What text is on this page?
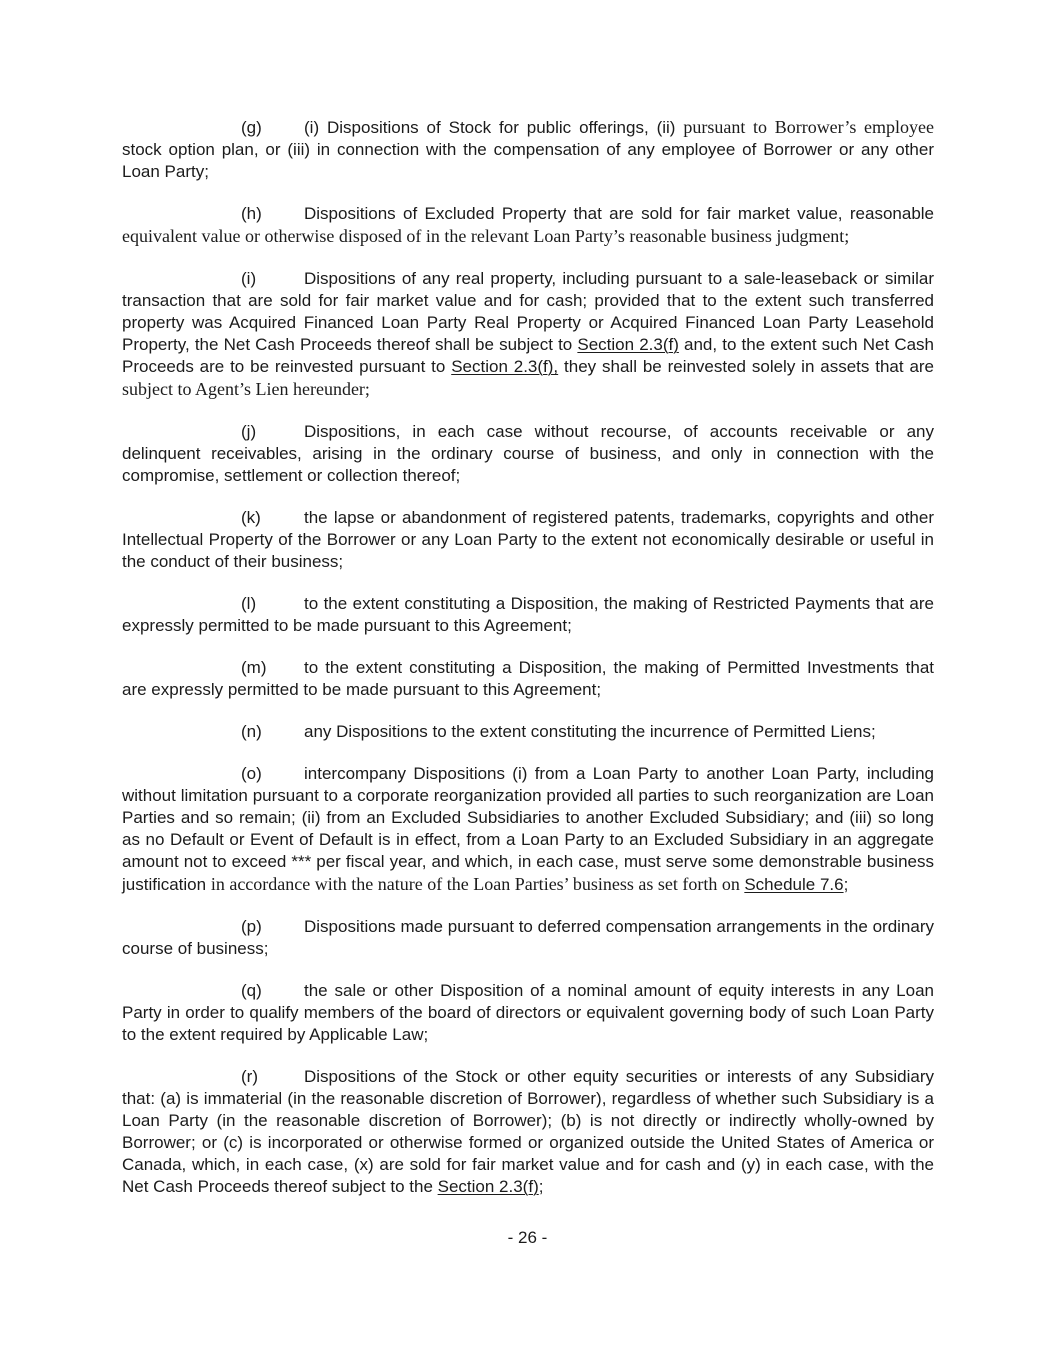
(g) (i) Dispositions of Stock for public offerings, (ii) pursuant to Borrower’s employee stock option plan, or (iii) in connection with the compensation of any employee of Borrower or any other Loan Party;

(h) Dispositions of Excluded Property that are sold for fair market value, reasonable equivalent value or otherwise disposed of in the relevant Loan Party’s reasonable business judgment;

(i)	Dispositions of any real property, including pursuant to a sale-leaseback or similar transaction that are sold for fair market value and for cash; provided that to the extent such transferred property was Acquired Financed Loan Party Real Property or Acquired Financed Loan Party Leasehold Property, the Net Cash Proceeds thereof shall be subject to Section 2.3(f) and, to the extent such Net Cash Proceeds are to be reinvested pursuant to Section 2.3(f), they shall be reinvested solely in assets that are subject to Agent’s Lien hereunder;

(j)	Dispositions, in each case without recourse, of accounts receivable or any delinquent receivables, arising in the ordinary course of business, and only in connection with the compromise, settlement or collection thereof;

(k)	the lapse or abandonment of registered patents, trademarks, copyrights and other Intellectual Property of the Borrower or any Loan Party to the extent not economically desirable or useful in the conduct of their business;

(l)	to the extent constituting a Disposition, the making of Restricted Payments that are expressly permitted to be made pursuant to this Agreement;

(m) to the extent constituting a Disposition, the making of Permitted Investments that are expressly permitted to be made pursuant to this Agreement;

(n) any Dispositions to the extent constituting the incurrence of Permitted Liens;

(o) intercompany Dispositions (i) from a Loan Party to another Loan Party, including without limitation pursuant to a corporate reorganization provided all parties to such reorganization are Loan Parties and so remain; (ii) from an Excluded Subsidiaries to another Excluded Subsidiary; and (iii) so long as no Default or Event of Default is in effect, from a Loan Party to an Excluded Subsidiary in an aggregate amount not to exceed *** per fiscal year, and which, in each case, must serve some demonstrable business justification in accordance with the nature of the Loan Parties’ business as set forth on Schedule 7.6;

(p) Dispositions made pursuant to deferred compensation arrangements in the ordinary course of business;

(q) the sale or other Disposition of a nominal amount of equity interests in any Loan Party in order to qualify members of the board of directors or equivalent governing body of such Loan Party to the extent required by Applicable Law;

(r)	Dispositions of the Stock or other equity securities or interests of any Subsidiary that: (a) is immaterial (in the reasonable discretion of Borrower), regardless of whether such Subsidiary is a Loan Party (in the reasonable discretion of Borrower); (b) is not directly or indirectly wholly-owned by Borrower; or (c) is incorporated or otherwise formed or organized outside the United States of America or Canada, which, in each case, (x) are sold for fair market value and for cash and (y) in each case, with the Net Cash Proceeds thereof subject to the Section 2.3(f);

- 26 -
